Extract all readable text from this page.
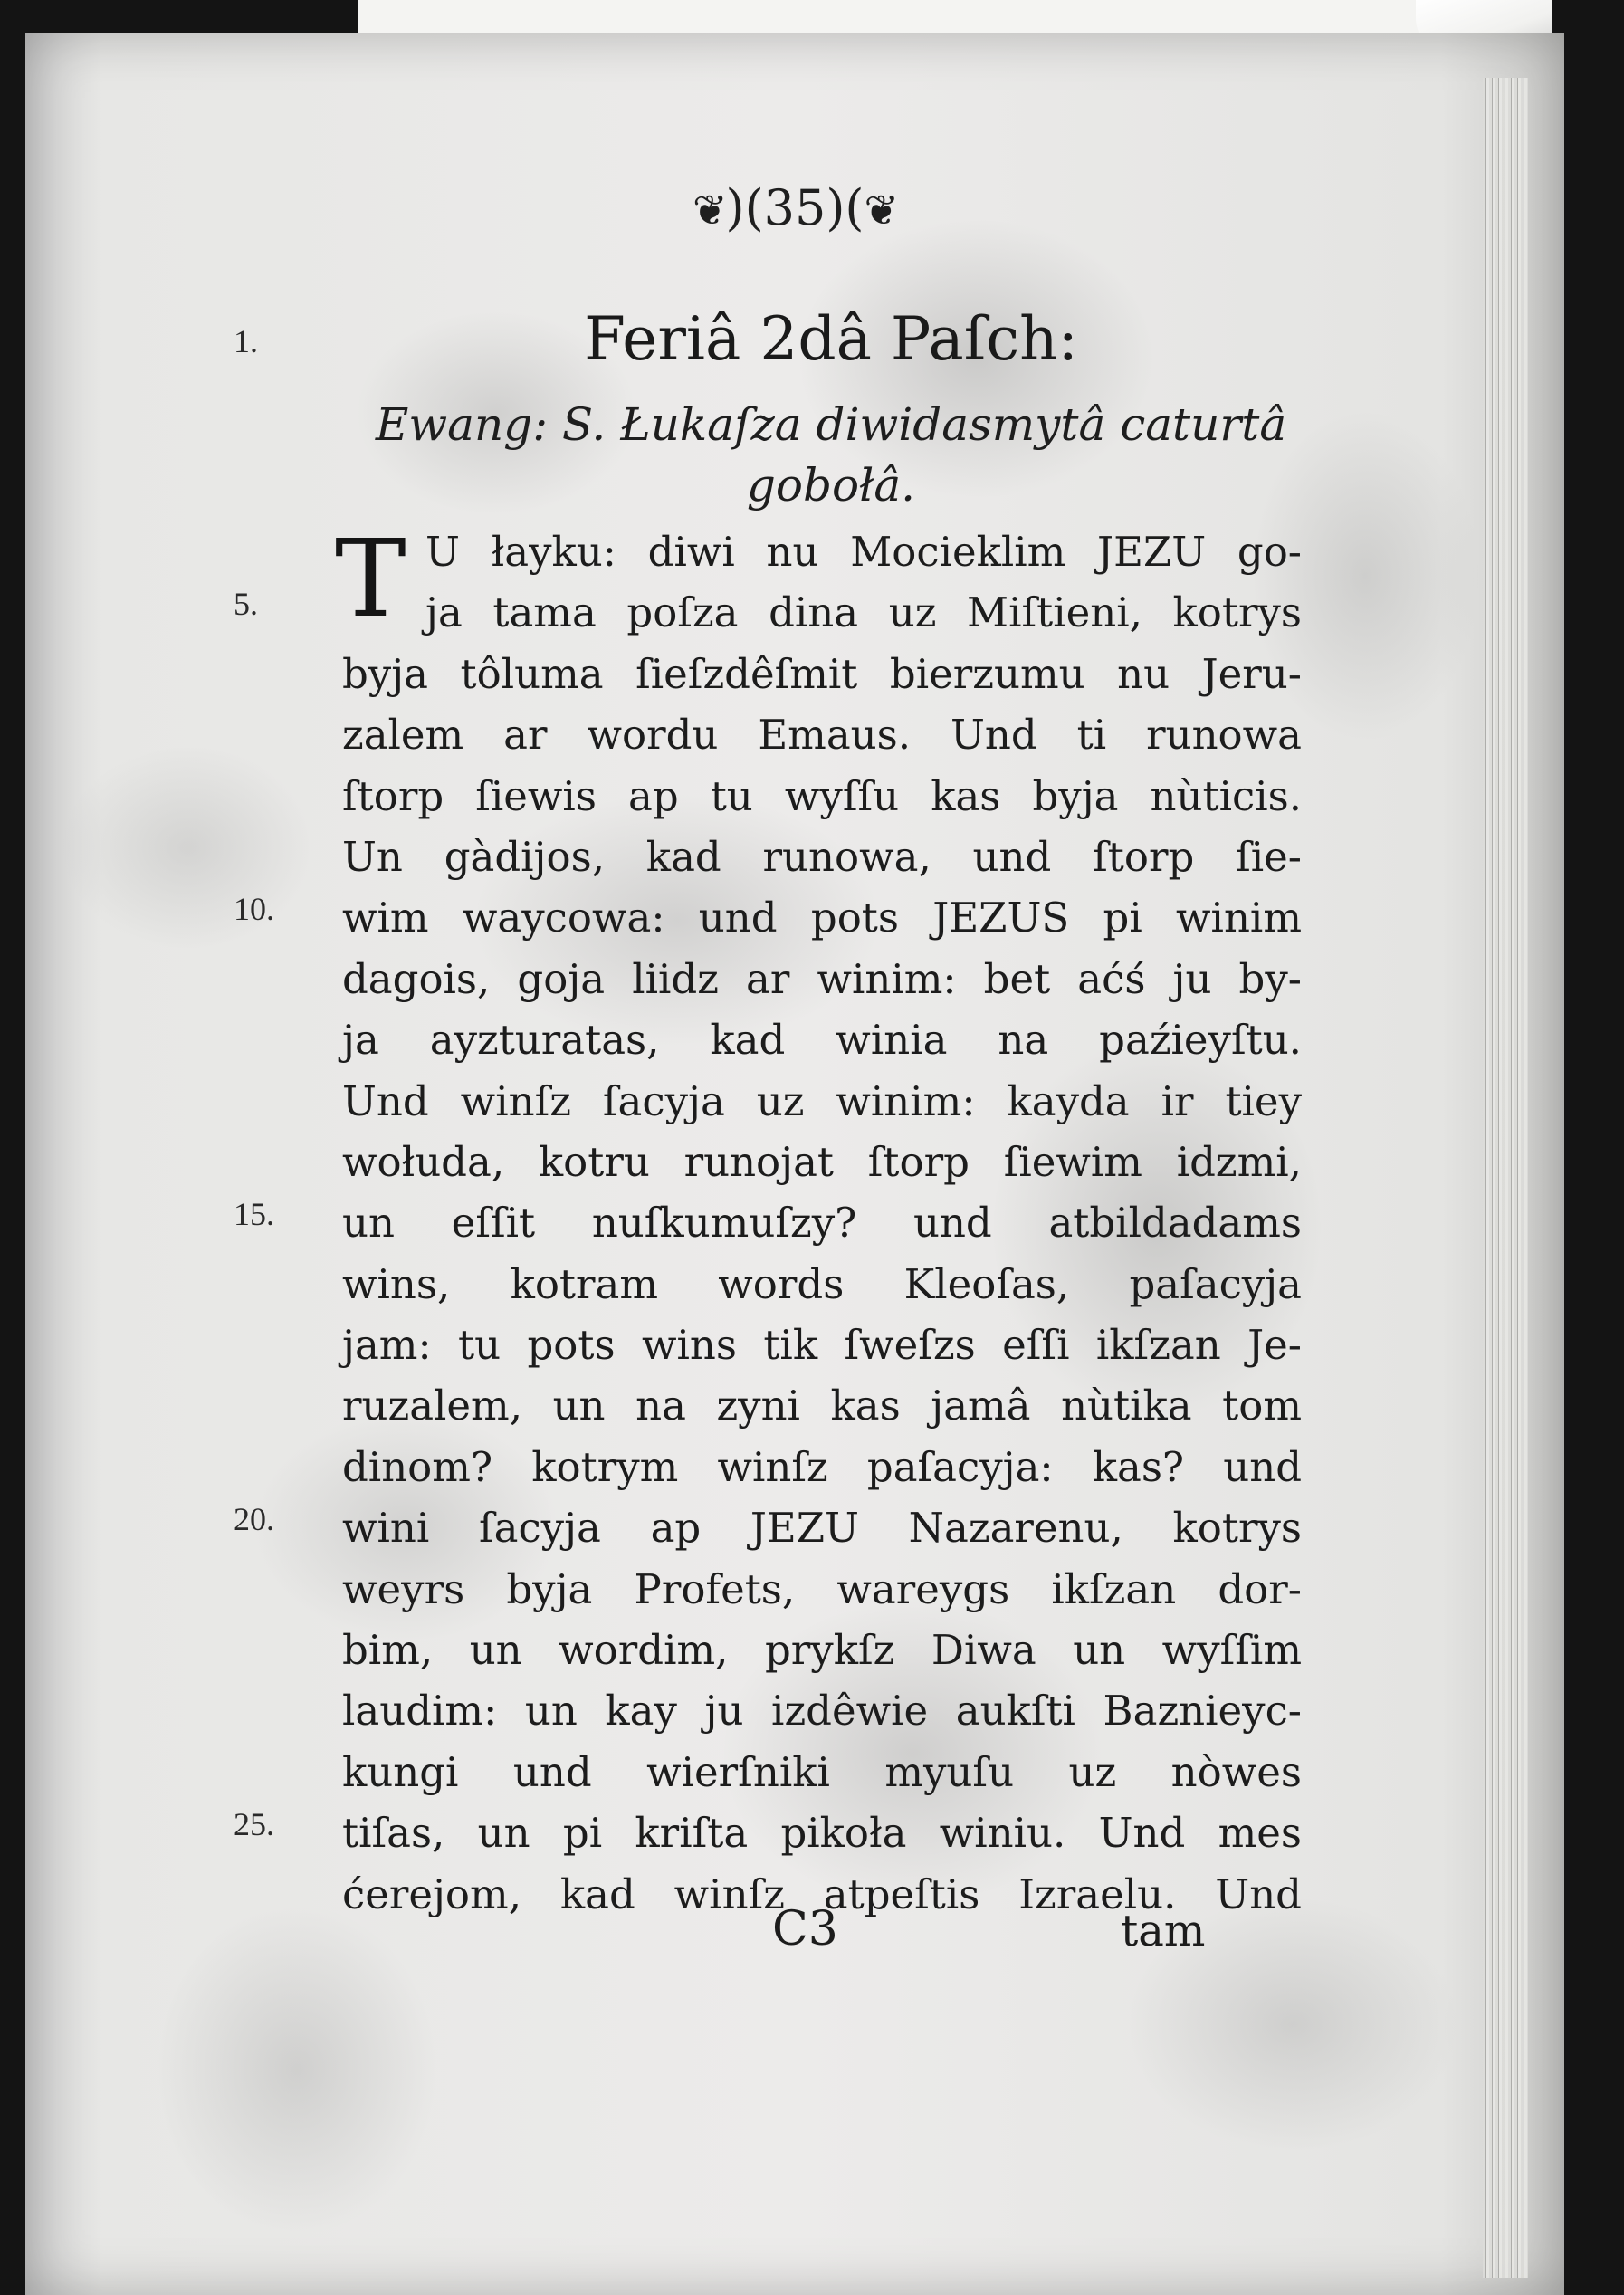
❦)(35)(❦
Feriâ 2dâ Paſch:
Ewang: S. Łukaſza diwidasmytâ caturtâ gobołâ.
1.
5.
10.
15.
20.
25.
T U łayku: diwi nu Mocieklim JEZU go-
ja tama poſza dina uz Miſtieni, kotrys
byja tôluma ſieſzdêſmit bierzumu nu Jeru-
zalem ar wordu Emaus. Und ti runowa
ſtorp ſiewis ap tu wyſſu kas byja nùticis.
Un gàdijos, kad runowa, und ſtorp ſie-
wim waycowa: und pots JEZUS pi winim
dagois, goja liidz ar winim: bet aćś ju by-
ja ayzturatas, kad winia na paźieyſtu.
Und winſz ſacyja uz winim: kayda ir tiey
wołuda, kotru runojat ſtorp ſiewim idzmi,
un eſſit nuſkumuſzy? und atbildadams
wins, kotram words Kleoſas, paſacyja
jam: tu pots wins tik ſweſzs eſſi ikſzan Je-
ruzalem, un na zyni kas jamâ nùtika tom
dinom? kotrym winſz paſacyja: kas? und
wini ſacyja ap JEZU Nazarenu, kotrys
weyrs byja Profets, wareygs ikſzan dor-
bim, un wordim, prykſz Diwa un wyſſim
laudim: un kay ju izdêwie aukſti Baznieyc-
kungi und wierſniki myuſu uz nòwes
tiſas, un pi kriſta pikoła winiu. Und mes
ćerejom, kad winſz atpeſtis Izraelu. Und
C3	tam
